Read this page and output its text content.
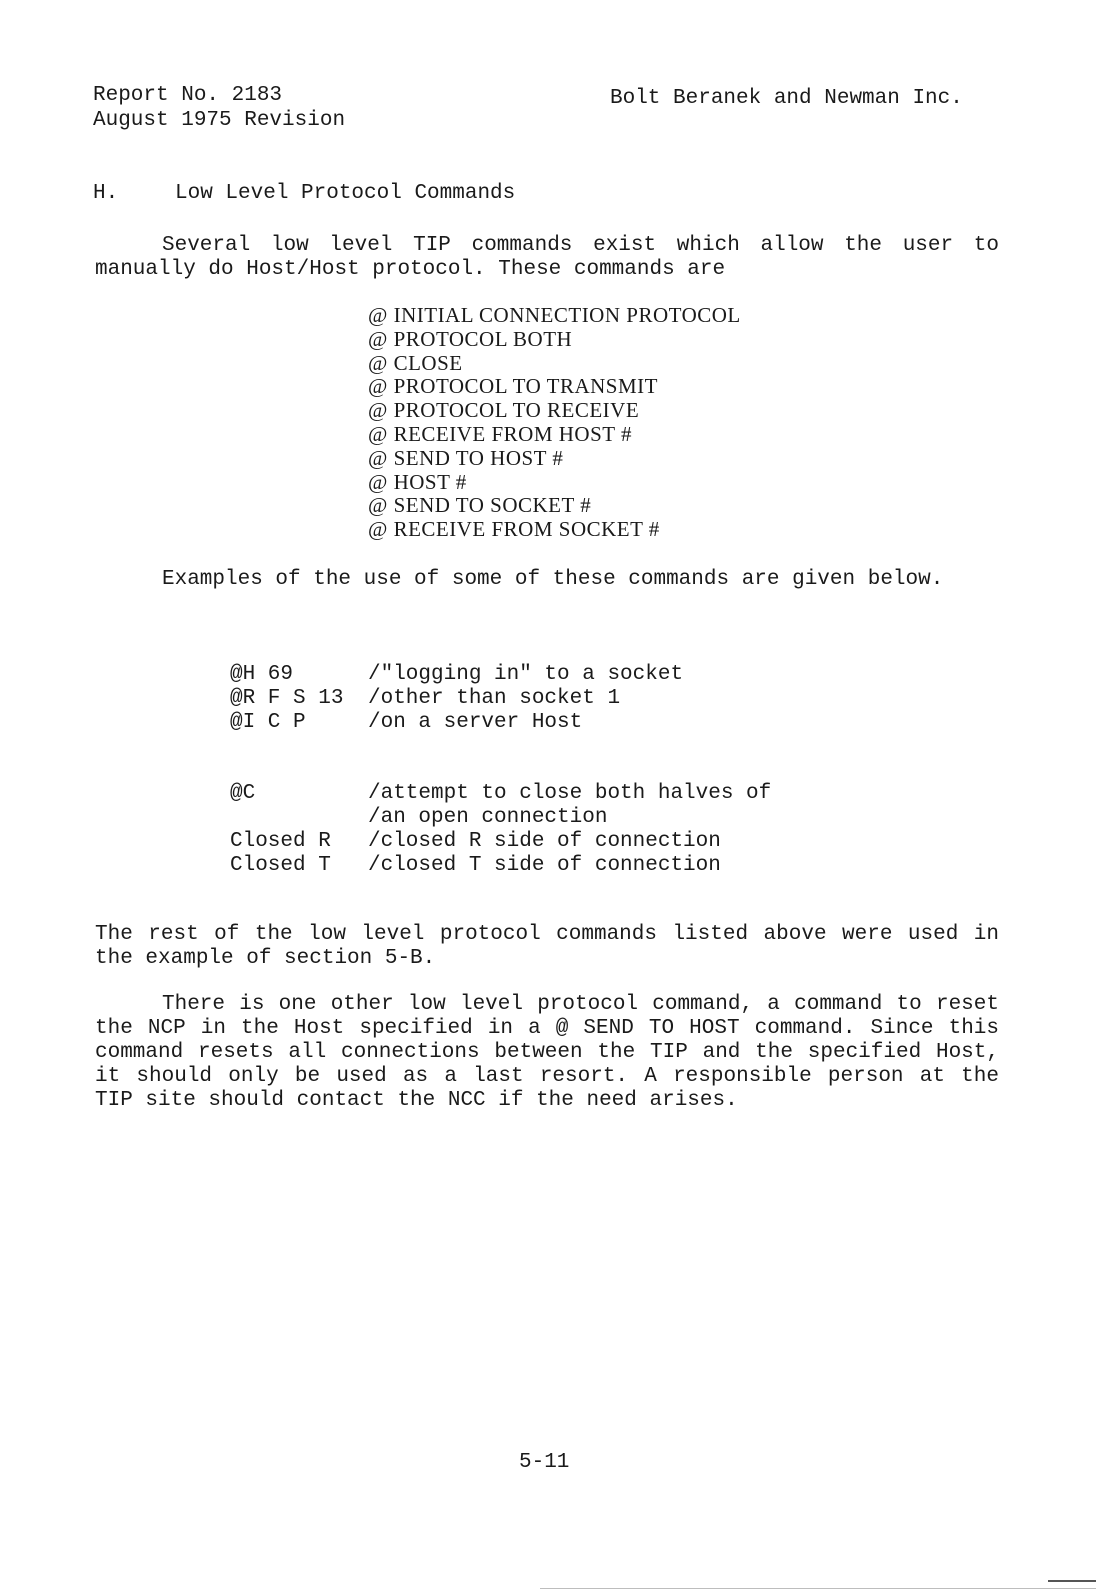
Report No. 2183
August 1975 Revision
Bolt Beranek and Newman Inc.
H.	Low Level Protocol Commands
Several low level TIP commands exist which allow the user to manually do Host/Host protocol. These commands are
@ INITIAL CONNECTION PROTOCOL
@ PROTOCOL BOTH
@ CLOSE
@ PROTOCOL TO TRANSMIT
@ PROTOCOL TO RECEIVE
@ RECEIVE FROM HOST #
@ SEND TO HOST #
@ HOST #
@ SEND TO SOCKET #
@ RECEIVE FROM SOCKET #
Examples of the use of some of these commands are given below.
@H 69	/"logging in" to a socket
@R F S 13	/other than socket 1
@I C P	/on a server Host
@C	/attempt to close both halves of
	/an open connection
Closed R	/closed R side of connection
Closed T	/closed T side of connection
The rest of the low level protocol commands listed above were used in the example of section 5-B.
There is one other low level protocol command, a command to reset the NCP in the Host specified in a @ SEND TO HOST command. Since this command resets all connections between the TIP and the specified Host, it should only be used as a last resort. A responsible person at the TIP site should contact the NCC if the need arises.
5-11
